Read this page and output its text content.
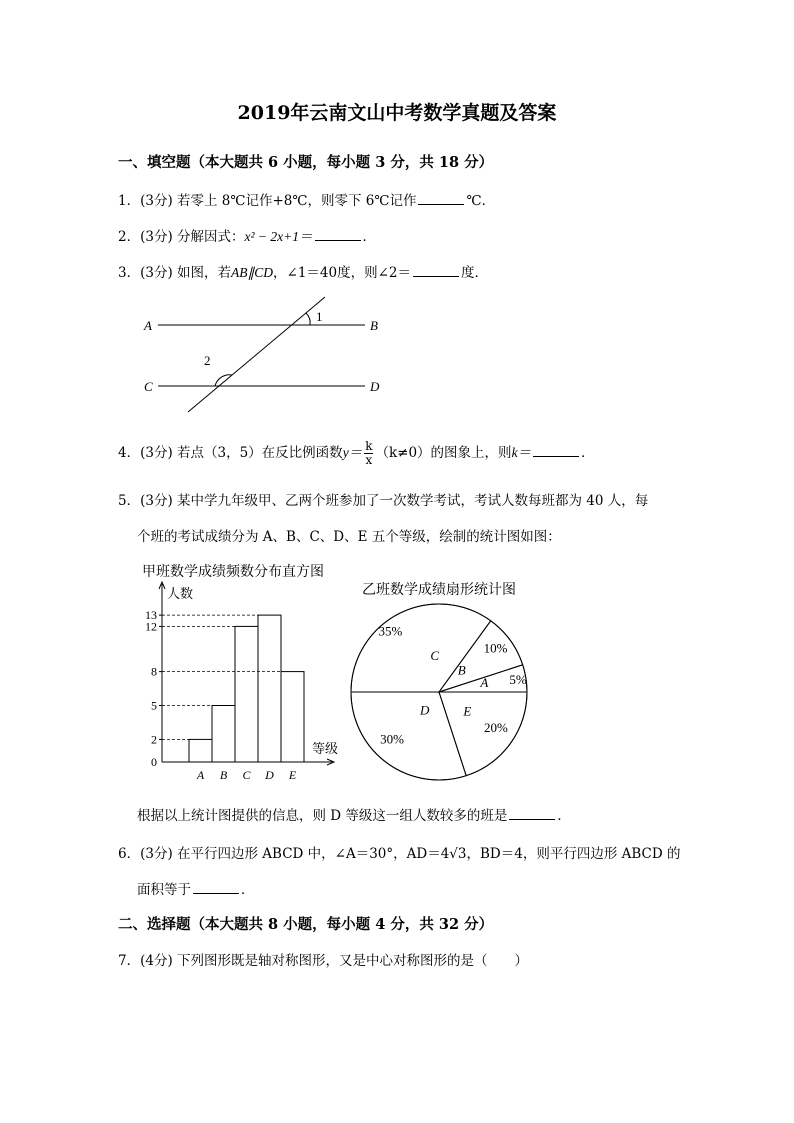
2019年云南文山中考数学真题及答案
一、填空题（本大题共 6 小题，每小题 3 分，共 18 分）
1．(3分) 若零上 8℃记作+8℃，则零下 6℃记作	℃．
2．(3分) 分解因式：x² − 2x+1＝	．
3．(3分) 如图，若AB∥CD，∠1＝40度，则∠2＝	度．
A	B
C	D
1
2
4．(3分) 若点（3，5）在反比例函数$y= \frac{k}{x} (k\ne 0)$的图象上，则k＝	．
5．(3分) 某中学九年级甲、乙两个班参加了一次数学考试，考试人数每班都为 40 人，每
个班的考试成绩分为 A、B、C、D、E 五个等级，绘制的统计图如图：
甲班数学成绩频数分布直方图
人数
等级
0
2
5
8
12
13
A B C D E
乙班数学成绩扇形统计图
C
35%
B
10%
A 5%
E
20%
D
30%
根据以上统计图提供的信息，则 D 等级这一组人数较多的班是	．
6．(3分) 在平行四边形 ABCD 中，∠A＝30°，AD＝4√3，BD＝4，则平行四边形 ABCD 的
面积等于	．
二、选择题（本大题共 8 小题，每小题 4 分，共 32 分）
7．(4分) 下列图形既是轴对称图形，又是中心对称图形的是（　　）
